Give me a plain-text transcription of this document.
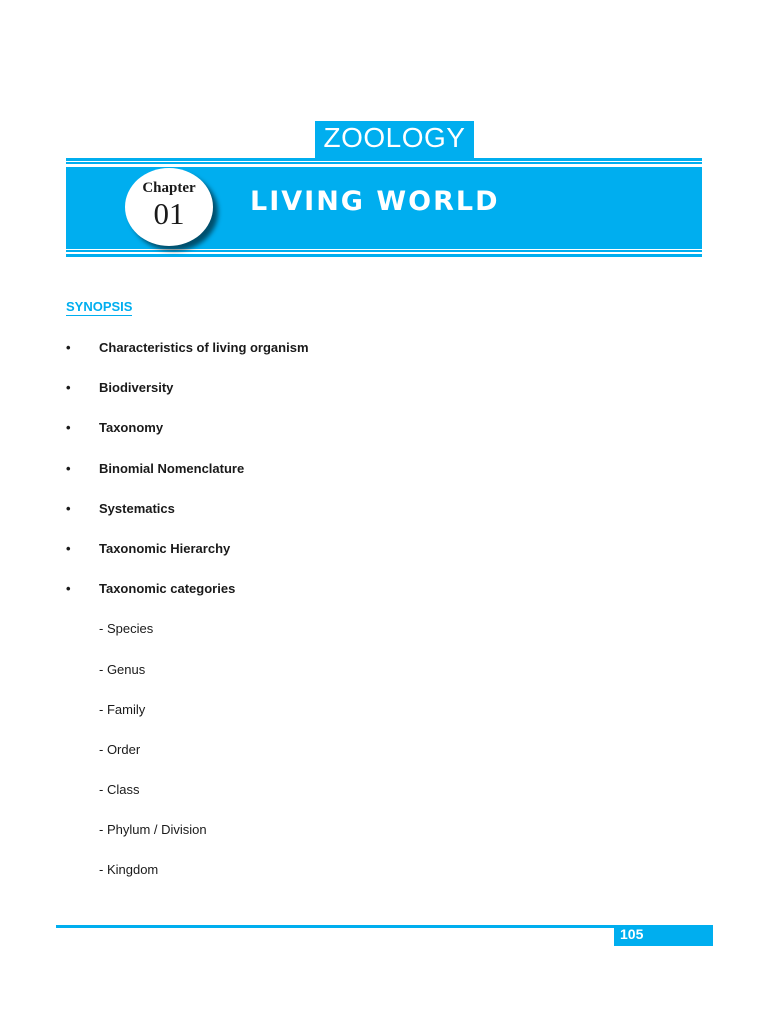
ZOOLOGY
Chapter
01	LIVING WORLD
SYNOPSIS
• Characteristics of living organism
• Biodiversity
• Taxonomy
• Binomial Nomenclature
• Systematics
• Taxonomic Hierarchy
• Taxonomic categories
- Species
- Genus
- Family
- Order
- Class
- Phylum / Division
- Kingdom
105
